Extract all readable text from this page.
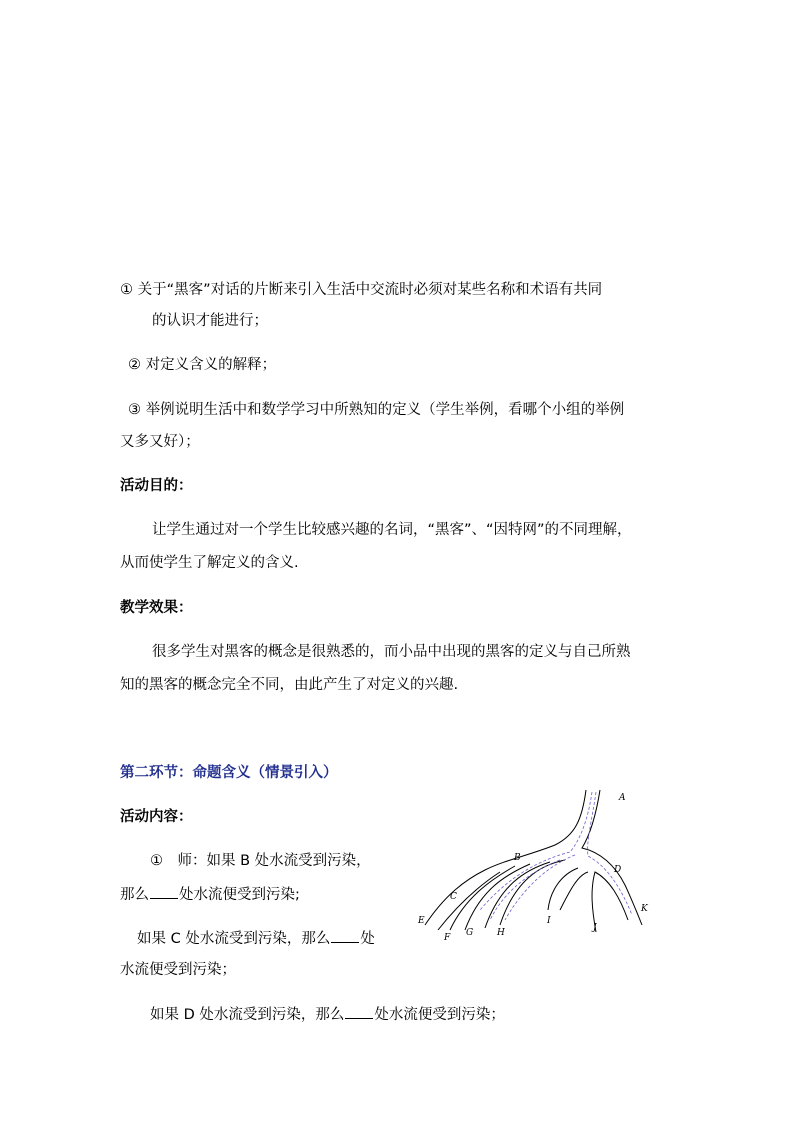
① 关于“黑客”对话的片断来引入生活中交流时必须对某些名称和术语有共同
的认识才能进行；
② 对定义含义的解释；
③ 举例说明生活中和数学学习中所熟知的定义（学生举例，看哪个小组的举例
又多又好）；
活动目的：
让学生通过对一个学生比较感兴趣的名词，“黑客”、“因特网”的不同理解，
从而使学生了解定义的含义.
教学效果：
很多学生对黑客的概念是很熟悉的，而小品中出现的黑客的定义与自己所熟
知的黑客的概念完全不同，由此产生了对定义的兴趣.
第二环节：命题含义（情景引入）
活动内容：
①　师：如果 B 处水流受到污染，
那么 处水流便受到污染;
如果 C 处水流受到污染，那么 处
水流便受到污染；
如果 D 处水流受到污染，那么 处水流便受到污染；
A
B
C
D
E
F G	H
I
J
K
